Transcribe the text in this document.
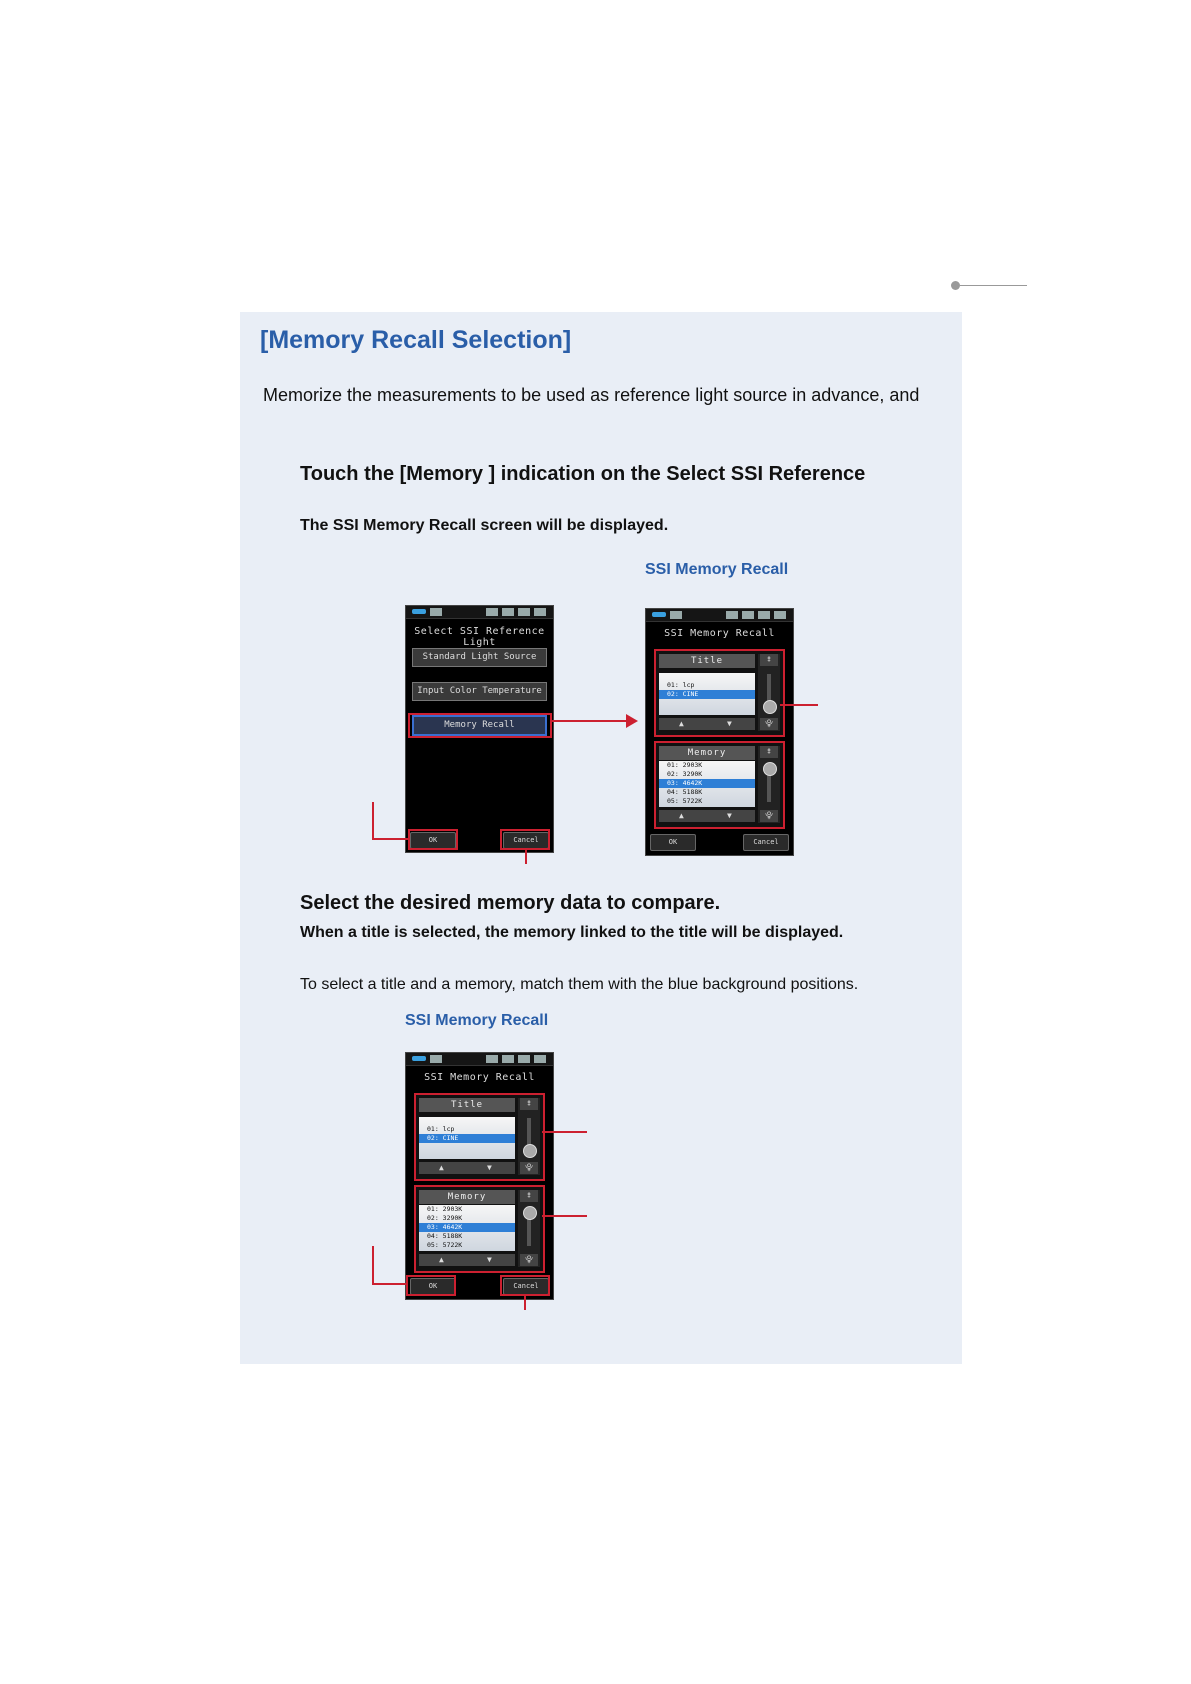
[Memory Recall Selection]
Memorize the measurements to be used as reference light source in advance, and
Touch the [Memory ] indication on the Select SSI Reference
The SSI Memory Recall screen will be displayed.
SSI Memory Recall
Select SSI Reference Light
Standard Light Source
Input Color Temperature
Memory Recall
OK	Cancel
SSI Memory Recall
Title
01: lcp
02: CINE
▲	▼
⯒
⯓
Memory
01: 2903K
02: 3290K
03: 4642K
04: 5188K
05: 5722K
▲	▼
⯒
⯓
OK	Cancel
Select the desired memory data to compare.
When a title is selected, the memory linked to the title will be displayed.
To select a title and a memory, match them with the blue background positions.
SSI Memory Recall
SSI Memory Recall
Title
01: lcp
02: CINE
▲	▼
⯒
⯓
Memory
01: 2903K
02: 3290K
03: 4642K
04: 5188K
05: 5722K
▲	▼
⯒
⯓
OK	Cancel
